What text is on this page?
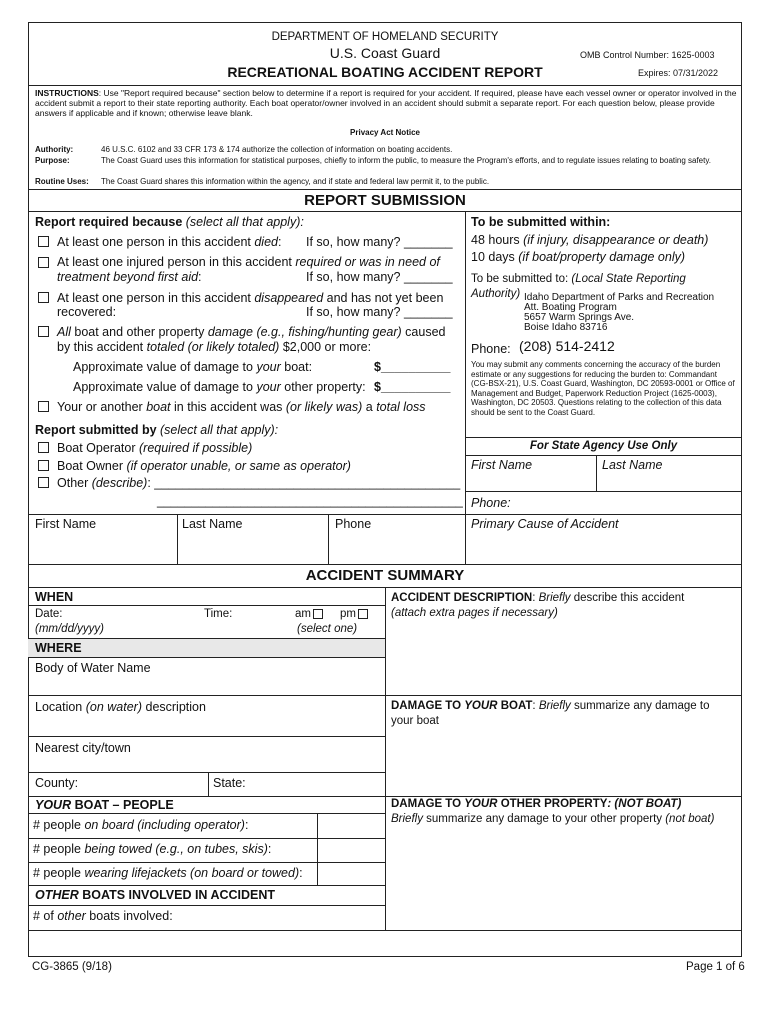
DEPARTMENT OF HOMELAND SECURITY
U.S. Coast Guard
RECREATIONAL BOATING ACCIDENT REPORT
OMB Control Number: 1625-0003
Expires: 07/31/2022
INSTRUCTIONS: Use "Report required because" section below to determine if a report is required for your accident. If required, please have each vessel owner or operator involved in the accident submit a report to their state reporting authority. Each boat operator/owner involved in an accident should submit a separate report. For each question below, please provide answers if applicable and if known; otherwise leave blank.
Privacy Act Notice
Authority:	46 U.S.C. 6102 and 33 CFR 173 & 174 authorize the collection of information on boating accidents.
Purpose:	The Coast Guard uses this information for statistical purposes, chiefly to inform the public, to measure the Program's efforts, and to regulate issues relating to boating safety.
Routine Uses: The Coast Guard shares this information within the agency, and if state and federal law permit it, to the public.
REPORT SUBMISSION
Report required because (select all that apply):
At least one person in this accident died: If so, how many? _______
At least one injured person in this accident required or was in need of
treatment beyond first aid:	If so, how many? _______
At least one person in this accident disappeared and has not yet been
recovered:	If so, how many? _______
All boat and other property damage (e.g., fishing/hunting gear) caused
by this accident totaled (or likely totaled) $2,000 or more:
Approximate value of damage to your boat:	$__________
Approximate value of damage to your other property: $__________
Your or another boat in this accident was (or likely was) a total loss
Report submitted by (select all that apply):
Boat Operator (required if possible)
Boat Owner (if operator unable, or same as operator)
Other (describe): ____________________________________________
____________________________________________
First Name	Last Name	Phone
To be submitted within:
48 hours (if injury, disappearance or death)
10 days (if boat/property damage only)
To be submitted to: (Local State Reporting
Authority) Idaho Department of Parks and Recreation
Att. Boating Program
5657 Warm Springs Ave.
Boise Idaho 83716
Phone: (208) 514-2412
You may submit any comments concerning the accuracy of the burden estimate or any suggestions for reducing the burden to: Commandant (CG-BSX-21), U.S. Coast Guard, Washington, DC 20593-0001 or Office of Management and Budget, Paperwork Reduction Project (1625-0003), Washington, DC 20503. Questions relating to the collection of this data should be sent to the Coast Guard.
For State Agency Use Only
First Name	Last Name
Phone:
Primary Cause of Accident
ACCIDENT SUMMARY
WHEN
Date:
(mm/dd/yyyy)
Time:	am	pm
(select one)
WHERE
Body of Water Name
Location (on water) description
Nearest city/town
County:	State:
YOUR BOAT – PEOPLE
# people on board (including operator):
# people being towed (e.g., on tubes, skis):
# people wearing lifejackets (on board or towed):
OTHER BOATS INVOLVED IN ACCIDENT
# of other boats involved:
ACCIDENT DESCRIPTION: Briefly describe this accident
(attach extra pages if necessary)
DAMAGE TO YOUR BOAT: Briefly summarize any damage to
your boat
DAMAGE TO YOUR OTHER PROPERTY: (NOT BOAT)
Briefly summarize any damage to your other property (not boat)
CG-3865 (9/18)	Page 1 of 6
